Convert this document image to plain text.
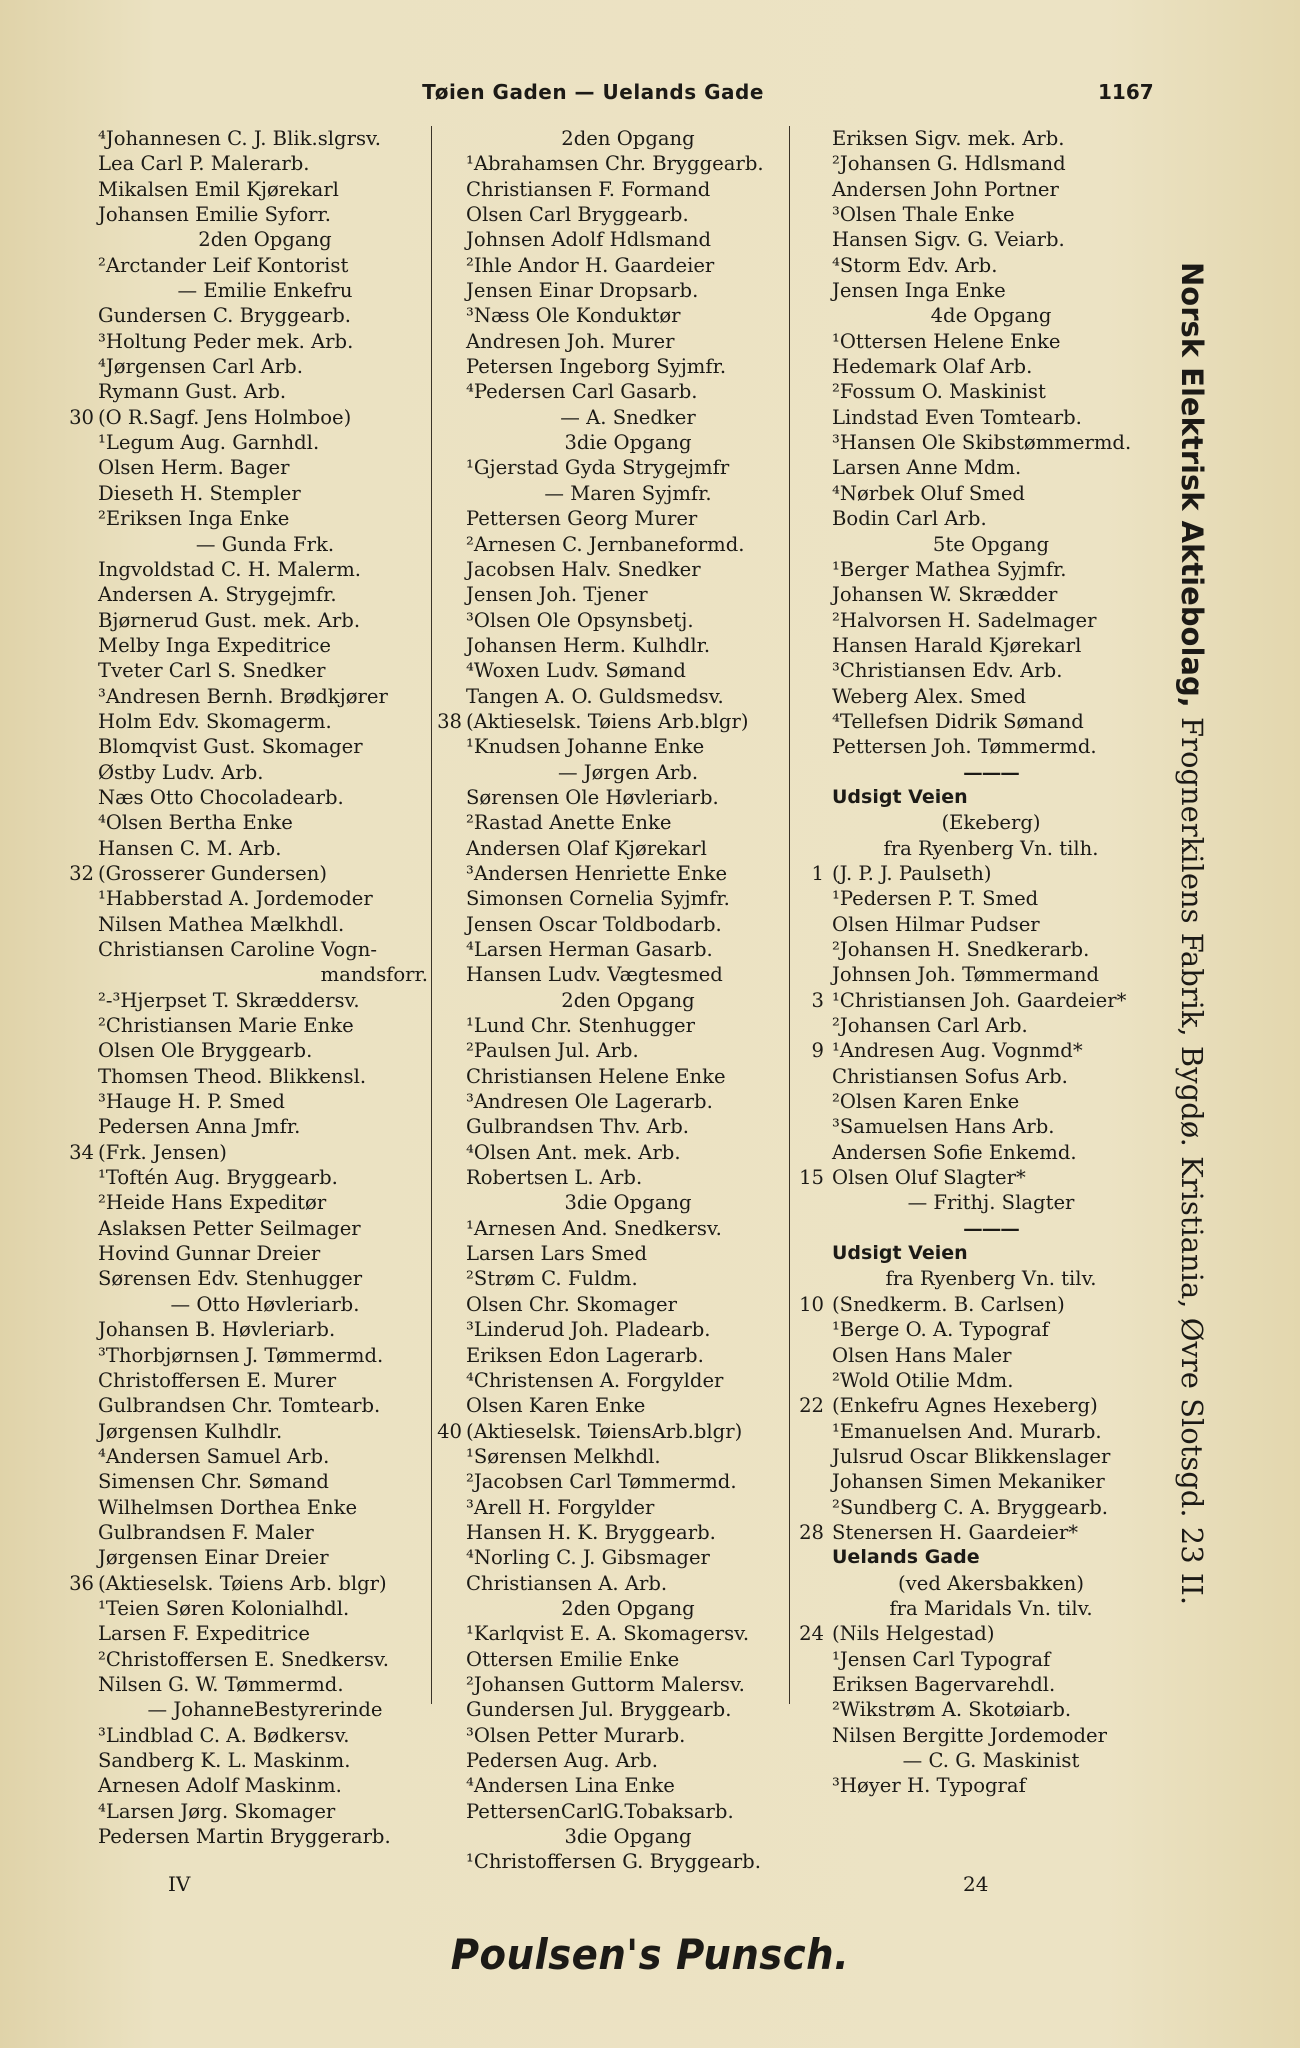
Tøien Gaden — Uelands Gade	1167
⁴Johannesen C. J. Blik.slgrsv.
Lea Carl P. Malerarb.
Mikalsen Emil Kjørekarl
Johansen Emilie Syforr.
2den Opgang
²Arctander Leif Kontorist
— Emilie Enkefru
Gundersen C. Bryggearb.
³Holtung Peder mek. Arb.
⁴Jørgensen Carl Arb.
Rymann Gust. Arb.
30 (O R.Sagf. Jens Holmboe)
¹Legum Aug. Garnhdl.
Olsen Herm. Bager
Dieseth H. Stempler
²Eriksen Inga Enke
— Gunda Frk.
Ingvoldstad C. H. Malerm.
Andersen A. Strygejmfr.
Bjørnerud Gust. mek. Arb.
Melby Inga Expeditrice
Tveter Carl S. Snedker
³Andresen Bernh. Brødkjører
Holm Edv. Skomagerm.
Blomqvist Gust. Skomager
Østby Ludv. Arb.
Næs Otto Chocoladearb.
⁴Olsen Bertha Enke
Hansen C. M. Arb.
32 (Grosserer Gundersen)
¹Habberstad A. Jordemoder
Nilsen Mathea Mælkhdl.
Christiansen Caroline Vogn-
mandsforr.
²-³Hjerpset T. Skræddersv.
²Christiansen Marie Enke
Olsen Ole Bryggearb.
Thomsen Theod. Blikkensl.
³Hauge H. P. Smed
Pedersen Anna Jmfr.
34 (Frk. Jensen)
¹Toftén Aug. Bryggearb.
²Heide Hans Expeditør
Aslaksen Petter Seilmager
Hovind Gunnar Dreier
Sørensen Edv. Stenhugger
— Otto Høvleriarb.
Johansen B. Høvleriarb.
³Thorbjørnsen J. Tømmermd.
Christoffersen E. Murer
Gulbrandsen Chr. Tomtearb.
Jørgensen Kulhdlr.
⁴Andersen Samuel Arb.
Simensen Chr. Sømand
Wilhelmsen Dorthea Enke
Gulbrandsen F. Maler
Jørgensen Einar Dreier
36 (Aktieselsk. Tøiens Arb. blgr)
¹Teien Søren Kolonialhdl.
Larsen F. Expeditrice
²Christoffersen E. Snedkersv.
Nilsen G. W. Tømmermd.
— JohanneBestyrerinde
³Lindblad C. A. Bødkersv.
Sandberg K. L. Maskinm.
Arnesen Adolf Maskinm.
⁴Larsen Jørg. Skomager
Pedersen Martin Bryggerarb.
2den Opgang
¹Abrahamsen Chr. Bryggearb.
Christiansen F. Formand
Olsen Carl Bryggearb.
Johnsen Adolf Hdlsmand
²Ihle Andor H. Gaardeier
Jensen Einar Dropsarb.
³Næss Ole Konduktør
Andresen Joh. Murer
Petersen Ingeborg Syjmfr.
⁴Pedersen Carl Gasarb.
— A. Snedker
3die Opgang
¹Gjerstad Gyda Strygejmfr
— Maren Syjmfr.
Pettersen Georg Murer
²Arnesen C. Jernbaneformd.
Jacobsen Halv. Snedker
Jensen Joh. Tjener
³Olsen Ole Opsynsbetj.
Johansen Herm. Kulhdlr.
⁴Woxen Ludv. Sømand
Tangen A. O. Guldsmedsv.
38 (Aktieselsk. Tøiens Arb.blgr)
¹Knudsen Johanne Enke
— Jørgen Arb.
Sørensen Ole Høvleriarb.
²Rastad Anette Enke
Andersen Olaf Kjørekarl
³Andersen Henriette Enke
Simonsen Cornelia Syjmfr.
Jensen Oscar Toldbodarb.
⁴Larsen Herman Gasarb.
Hansen Ludv. Vægtesmed
2den Opgang
¹Lund Chr. Stenhugger
²Paulsen Jul. Arb.
Christiansen Helene Enke
³Andresen Ole Lagerarb.
Gulbrandsen Thv. Arb.
⁴Olsen Ant. mek. Arb.
Robertsen L. Arb.
3die Opgang
¹Arnesen And. Snedkersv.
Larsen Lars Smed
²Strøm C. Fuldm.
Olsen Chr. Skomager
³Linderud Joh. Pladearb.
Eriksen Edon Lagerarb.
⁴Christensen A. Forgylder
Olsen Karen Enke
40 (Aktieselsk. TøiensArb.blgr)
¹Sørensen Melkhdl.
²Jacobsen Carl Tømmermd.
³Arell H. Forgylder
Hansen H. K. Bryggearb.
⁴Norling C. J. Gibsmager
Christiansen A. Arb.
2den Opgang
¹Karlqvist E. A. Skomagersv.
Ottersen Emilie Enke
²Johansen Guttorm Malersv.
Gundersen Jul. Bryggearb.
³Olsen Petter Murarb.
Pedersen Aug. Arb.
⁴Andersen Lina Enke
PettersenCarlG.Tobaksarb.
3die Opgang
¹Christoffersen G. Bryggearb.
Eriksen Sigv. mek. Arb.
²Johansen G. Hdlsmand
Andersen John Portner
³Olsen Thale Enke
Hansen Sigv. G. Veiarb.
⁴Storm Edv. Arb.
Jensen Inga Enke
4de Opgang
¹Ottersen Helene Enke
Hedemark Olaf Arb.
²Fossum O. Maskinist
Lindstad Even Tomtearb.
³Hansen Ole Skibstømmermd.
Larsen Anne Mdm.
⁴Nørbek Oluf Smed
Bodin Carl Arb.
5te Opgang
¹Berger Mathea Syjmfr.
Johansen W. Skrædder
²Halvorsen H. Sadelmager
Hansen Harald Kjørekarl
³Christiansen Edv. Arb.
Weberg Alex. Smed
⁴Tellefsen Didrik Sømand
Pettersen Joh. Tømmermd.
———
Udsigt Veien
(Ekeberg)
fra Ryenberg Vn. tilh.
1 (J. P. J. Paulseth)
¹Pedersen P. T. Smed
Olsen Hilmar Pudser
²Johansen H. Snedkerarb.
Johnsen Joh. Tømmermand
3 ¹Christiansen Joh. Gaardeier*
²Johansen Carl Arb.
9 ¹Andresen Aug. Vognmd*
Christiansen Sofus Arb.
²Olsen Karen Enke
³Samuelsen Hans Arb.
Andersen Sofie Enkemd.
15 Olsen Oluf Slagter*
— Frithj. Slagter
———
Udsigt Veien
fra Ryenberg Vn. tilv.
10 (Snedkerm. B. Carlsen)
¹Berge O. A. Typograf
Olsen Hans Maler
²Wold Otilie Mdm.
22 (Enkefru Agnes Hexeberg)
¹Emanuelsen And. Murarb.
Julsrud Oscar Blikkenslager
Johansen Simen Mekaniker
²Sundberg C. A. Bryggearb.
28 Stenersen H. Gaardeier*
Uelands Gade
(ved Akersbakken)
fra Maridals Vn. tilv.
24 (Nils Helgestad)
¹Jensen Carl Typograf
Eriksen Bagervarehdl.
²Wikstrøm A. Skotøiarb.
Nilsen Bergitte Jordemoder
— C. G. Maskinist
³Høyer H. Typograf
Norsk Elektrisk Aktiebolag, Frognerkilens Fabrik, Bygdø. Kristiania, Øvre Slotsgd. 23 II.
IV	24
Poulsen's Punsch.
